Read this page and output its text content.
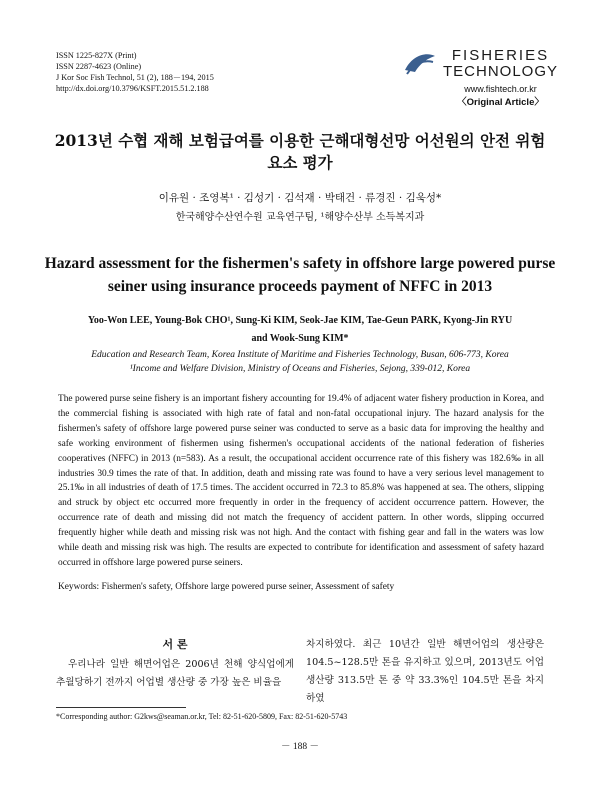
ISSN 1225-827X (Print)
ISSN 2287-4623 (Online)
J Kor Soc Fish Technol, 51 (2), 188－194, 2015
http://dx.doi.org/10.3796/KSFT.2015.51.2.188
FISHERIES
TECHNOLOGY
www.fishtech.or.kr
〈Original Article〉
2013년 수협 재해 보험급여를 이용한 근해대형선망 어선원의 안전 위험
요소 평가
이유원 · 조영복¹ · 김성기 · 김석재 · 박태건 · 류경진 · 김욱성*
한국해양수산연수원 교육연구팀, ¹해양수산부 소득복지과
Hazard assessment for the fishermen's safety in offshore large powered purse
seiner using insurance proceeds payment of NFFC in 2013
Yoo-Won LEE, Young-Bok CHO¹, Sung-Ki KIM, Seok-Jae KIM, Tae-Geun PARK, Kyong-Jin RYU
and Wook-Sung KIM*
Education and Research Team, Korea Institute of Maritime and Fisheries Technology, Busan, 606-773, Korea
¹Income and Welfare Division, Ministry of Oceans and Fisheries, Sejong, 339-012, Korea
The powered purse seine fishery is an important fishery accounting for 19.4% of adjacent water fishery production in Korea, and the commercial fishing is associated with high rate of fatal and non-fatal occupational injury. The hazard analysis for the fishermen's safety of offshore large powered purse seiner was conducted to serve as a basic data for improving the healthy and safe working environment of fishermen using fishermen's occupational accidents of the national federation of fisheries cooperatives (NFFC) in 2013 (n=583). As a result, the occupational accident occurrence rate of this fishery was 182.6‰ in all industries 30.9 times the rate of that. In addition, death and missing rate was found to have a very serious level management to 25.1‰ in all industries of death of 17.5 times. The accident occurred in 72.3 to 85.8% was happened at sea. The others, slipping and struck by object etc occurred more frequently in order in the frequency of accident occurrence pattern. However, the occurrence rate of death and missing did not match the frequency of accident pattern. In other words, slipping occurred frequently higher while death and missing risk was not high. And the contact with fishing gear and fall in the waters was low while death and missing risk was high. The results are expected to contribute for identification and assessment of safety hazard occurred in offshore large powered purse seiners.
Keywords: Fishermen's safety, Offshore large powered purse seiner, Assessment of safety
서 론
우리나라 일반 해면어업은 2006년 천해 양식업에게 추월당하기 전까지 어업별 생산량 중 가장 높은 비율을
차지하였다. 최근 10년간 일반 해면어업의 생산량은 104.5~128.5만 톤을 유지하고 있으며, 2013년도 어업생산량 313.5만 톤 중 약 33.3%인 104.5만 톤을 차지하였
*Corresponding author: G2kws@seaman.or.kr, Tel: 82-51-620-5809, Fax: 82-51-620-5743
－ 188 －
